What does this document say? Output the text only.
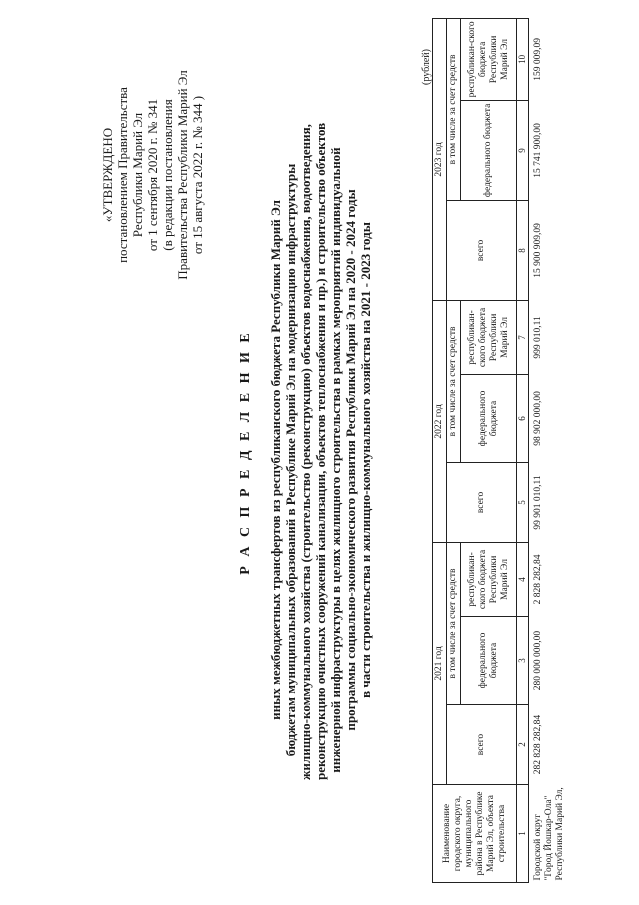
«УТВЕРЖДЕНО постановлением Правительства Республики Марий Эл от 1 сентября 2020 г. № 341 (в редакции постановления Правительства Республики Марий Эл от 15 августа 2022 г. № 344 )
Р А С П Р Е Д Е Л Е Н И Е иных межбюджетных трансфертов из республиканского бюджета Республики Марий Эл бюджетам муниципальных образований в Республике Марий Эл на модернизацию инфраструктуры жилищно-коммунального хозяйства (строительство (реконструкцию) объектов водоснабжения, водоотведения, реконструкцию очистных сооружений канализации, объектов теплоснабжения и пр.) и строительство объектов инженерной инфраструктуры в целях жилищного строительства в рамках мероприятий индивидуальной программы социально-экономического развития Республики Марий Эл на 2020 - 2024 годы в части строительства и жилищно-коммунального хозяйства на 2021 - 2023 годы
(рублей)
Наименование городского округа, муниципального района в Республике Марий Эл, объекта строительства	2021 год			2022 год			2023 год		
	всего	в том числе за счет средств		всего	в том числе за счет средств		всего	в том числе за счет средств	
		федерального бюджета	республикан-ского бюджета Республики Марий Эл		федерального бюджета	республикан-ского бюджета Республики Марий Эл		федерального бюджета	республикан-ского бюджета Республики Марий Эл
1	2	3	4	5	6	7	8	9	10
Городской округ "Город Йошкар-Ола" Республики Марий Эл,	282 828 282,84	280 000 000,00	2 828 282,84	99 901 010,11	98 902 000,00	999 010,11	15 900 909,09	15 741 900,00	159 009,09
